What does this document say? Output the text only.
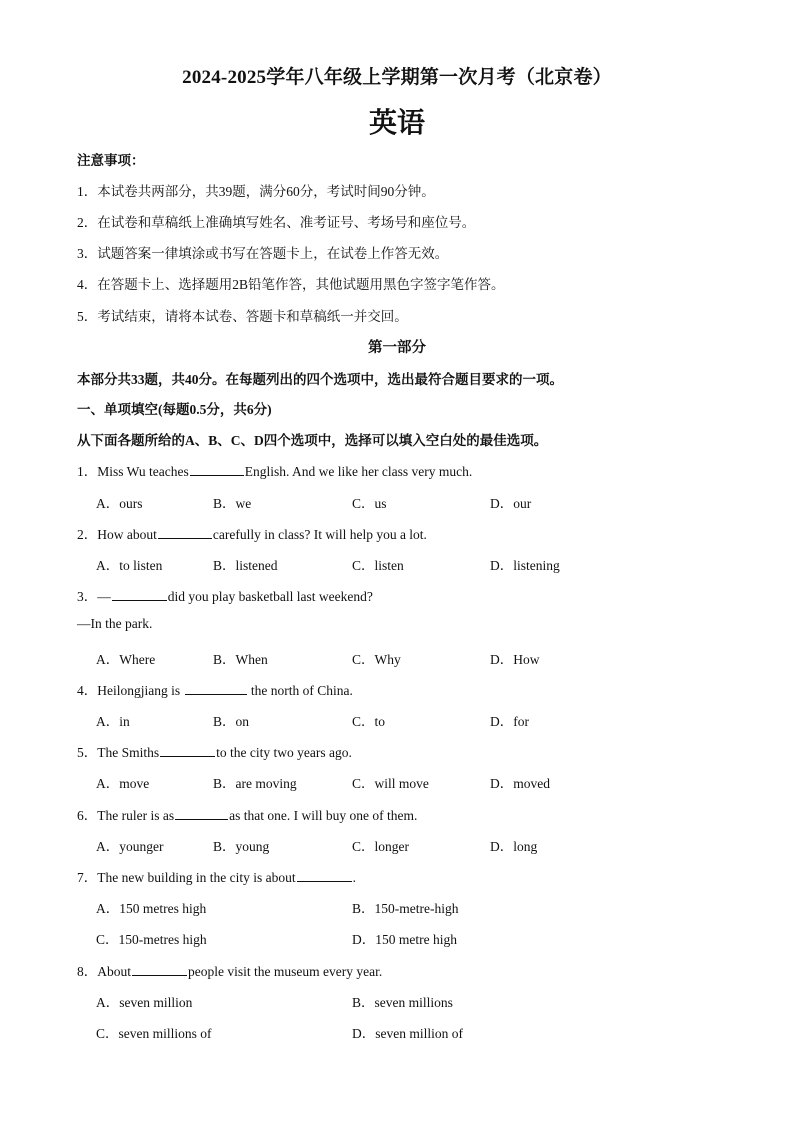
2024-2025学年八年级上学期第一次月考（北京卷）
英语
注意事项：
1．本试卷共两部分，共39题，满分60分，考试时间90分钟。
2．在试卷和草稿纸上准确填写姓名、准考证号、考场号和座位号。
3．试题答案一律填涂或书写在答题卡上，在试卷上作答无效。
4．在答题卡上、选择题用2B铅笔作答，其他试题用黑色字签字笔作答。
5．考试结束，请将本试卷、答题卡和草稿纸一并交回。
第一部分
本部分共33题，共40分。在每题列出的四个选项中，选出最符合题目要求的一项。
一、单项填空(每题0.5分，共6分)
从下面各题所给的A、B、C、D四个选项中，选择可以填入空白处的最佳选项。
1．Miss Wu teaches	English. And we like her class very much.
A．ours	B．we	C．us	D．our
2．How about	carefully in class? It will help you a lot.
A．to listen	B．listened	C．listen	D．listening
3．—	did you play basketball last weekend?
—In the park.
A．Where	B．When	C．Why	D．How
4．Heilongjiang is	the north of China.
A．in	B．on	C．to	D．for
5．The Smiths	to the city two years ago.
A．move	B．are moving	C．will move	D．moved
6．The ruler is as	as that one. I will buy one of them.
A．younger	B．young	C．longer	D．long
7．The new building in the city is about	.
A．150 metres high	B．150-metre-high
C．150-metres high	D．150 metre high
8．About	people visit the museum every year.
A．seven million	B．seven millions
C．seven millions of	D．seven million of
